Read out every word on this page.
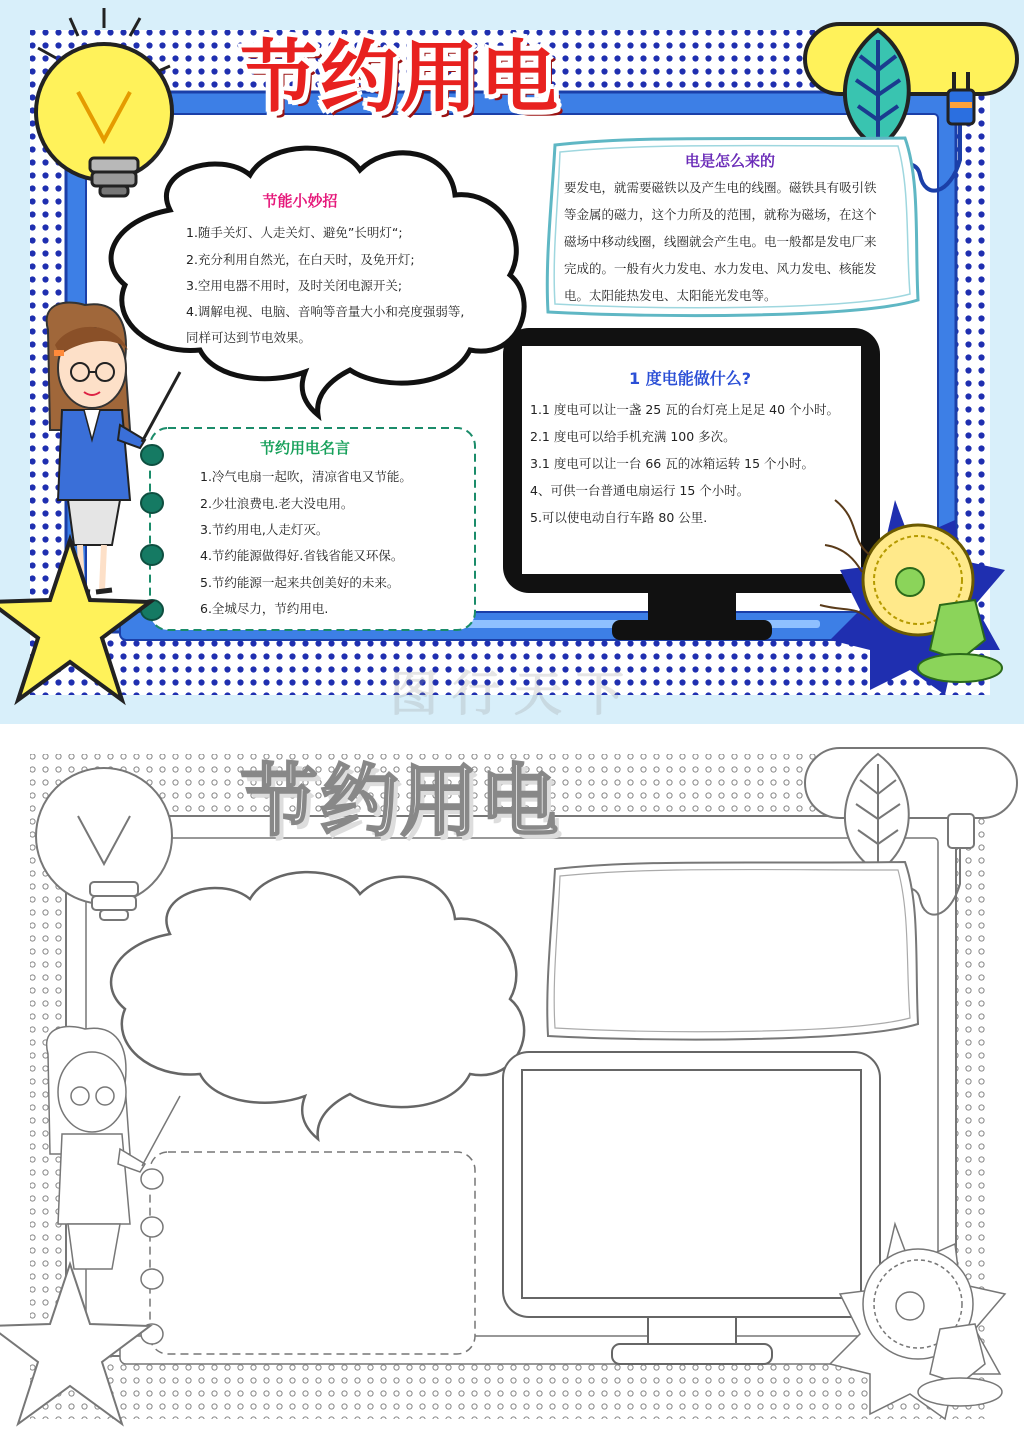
节约用电
节能小妙招
1.随手关灯、人走关灯、避免”长明灯“;
2.充分利用自然光，在白天时，及免开灯;
3.空用电器不用时，及时关闭电源开关;
4.调解电视、电脑、音响等音量大小和亮度强弱等,
同样可达到节电效果。
电是怎么来的
要发电，就需要磁铁以及产生电的线圈。磁铁具有吸引铁
等金属的磁力，这个力所及的范围，就称为磁场，在这个
磁场中移动线圈，线圈就会产生电。电一般都是发电厂来
完成的。一般有火力发电、水力发电、风力发电、核能发
电。太阳能热发电、太阳能光发电等。
1 度电能做什么?
1.1 度电可以让一盏 25 瓦的台灯亮上足足 40 个小时。
2.1 度电可以给手机充满 100 多次。
3.1 度电可以让一台 66 瓦的冰箱运转 15 个小时。
4、可供一台普通电扇运行 15 个小时。
5.可以使电动自行车路 80 公里.
节约用电名言
1.冷气电扇一起吹，清凉省电又节能。
2.少壮浪费电.老大没电用。
3.节约用电,人走灯灭。
4.节约能源做得好.省钱省能又环保。
5.节约能源一起来共创美好的未来。
6.全城尽力，节约用电.
图行天下
节约用电
